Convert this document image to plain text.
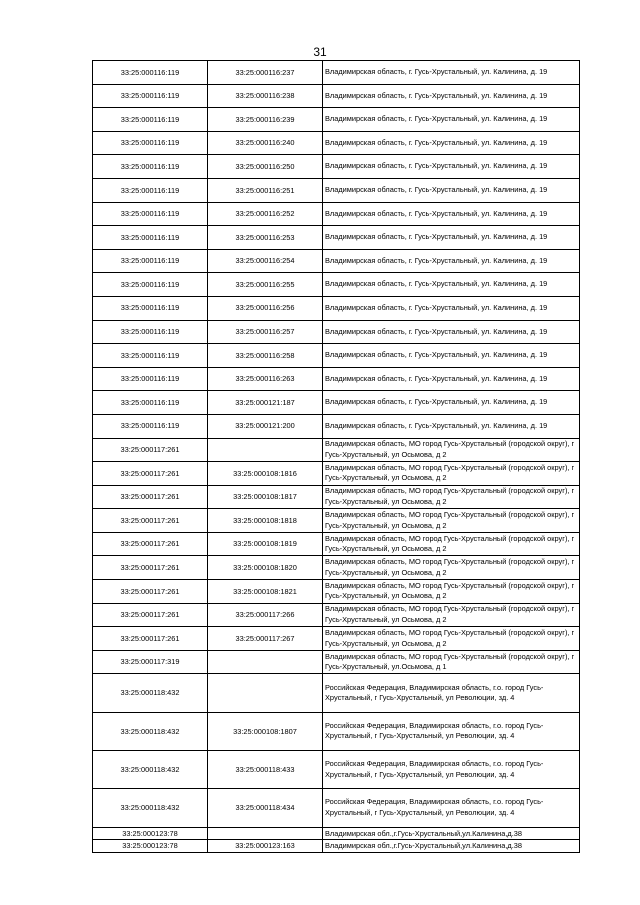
31
33:25:000116:119	33:25:000116:237	Владимирская область, г. Гусь-Хрустальный, ул. Калинина, д. 19
33:25:000116:119	33:25:000116:238	Владимирская область, г. Гусь-Хрустальный, ул. Калинина, д. 19
33:25:000116:119	33:25:000116:239	Владимирская область, г. Гусь-Хрустальный, ул. Калинина, д. 19
33:25:000116:119	33:25:000116:240	Владимирская область, г. Гусь-Хрустальный, ул. Калинина, д. 19
33:25:000116:119	33:25:000116:250	Владимирская область, г. Гусь-Хрустальный, ул. Калинина, д. 19
33:25:000116:119	33:25:000116:251	Владимирская область, г. Гусь-Хрустальный, ул. Калинина, д. 19
33:25:000116:119	33:25:000116:252	Владимирская область, г. Гусь-Хрустальный, ул. Калинина, д. 19
33:25:000116:119	33:25:000116:253	Владимирская область, г. Гусь-Хрустальный, ул. Калинина, д. 19
33:25:000116:119	33:25:000116:254	Владимирская область, г. Гусь-Хрустальный, ул. Калинина, д. 19
33:25:000116:119	33:25:000116:255	Владимирская область, г. Гусь-Хрустальный, ул. Калинина, д. 19
33:25:000116:119	33:25:000116:256	Владимирская область, г. Гусь-Хрустальный, ул. Калинина, д. 19
33:25:000116:119	33:25:000116:257	Владимирская область, г. Гусь-Хрустальный, ул. Калинина, д. 19
33:25:000116:119	33:25:000116:258	Владимирская область, г. Гусь-Хрустальный, ул. Калинина, д. 19
33:25:000116:119	33:25:000116:263	Владимирская область, г. Гусь-Хрустальный, ул. Калинина, д. 19
33:25:000116:119	33:25:000121:187	Владимирская область, г. Гусь-Хрустальный, ул. Калинина, д. 19
33:25:000116:119	33:25:000121:200	Владимирская область, г. Гусь-Хрустальный, ул. Калинина, д. 19
33:25:000117:261		Владимирская область, МО город Гусь-Хрустальный (городской округ), г Гусь-Хрустальный, ул Осьмова, д 2
33:25:000117:261	33:25:000108:1816	Владимирская область, МО город Гусь-Хрустальный (городской округ), г Гусь-Хрустальный, ул Осьмова, д 2
33:25:000117:261	33:25:000108:1817	Владимирская область, МО город Гусь-Хрустальный (городской округ), г Гусь-Хрустальный, ул Осьмова, д 2
33:25:000117:261	33:25:000108:1818	Владимирская область, МО город Гусь-Хрустальный (городской округ), г Гусь-Хрустальный, ул Осьмова, д 2
33:25:000117:261	33:25:000108:1819	Владимирская область, МО город Гусь-Хрустальный (городской округ), г Гусь-Хрустальный, ул Осьмова, д 2
33:25:000117:261	33:25:000108:1820	Владимирская область, МО город Гусь-Хрустальный (городской округ), г Гусь-Хрустальный, ул Осьмова, д 2
33:25:000117:261	33:25:000108:1821	Владимирская область, МО город Гусь-Хрустальный (городской округ), г Гусь-Хрустальный, ул Осьмова, д 2
33:25:000117:261	33:25:000117:266	Владимирская область, МО город Гусь-Хрустальный (городской округ), г Гусь-Хрустальный, ул Осьмова, д 2
33:25:000117:261	33:25:000117:267	Владимирская область, МО город Гусь-Хрустальный (городской округ), г Гусь-Хрустальный, ул Осьмова, д 2
33:25:000117:319		Владимирская область, МО город Гусь-Хрустальный (городской округ), г Гусь-Хрустальный, ул.Осьмова, д 1
33:25:000118:432		Российская Федерация, Владимирская область, г.о. город Гусь-Хрустальный, г Гусь-Хрустальный, ул Революции, зд. 4
33:25:000118:432	33:25:000108:1807	Российская Федерация, Владимирская область, г.о. город Гусь-Хрустальный, г Гусь-Хрустальный, ул Революции, зд. 4
33:25:000118:432	33:25:000118:433	Российская Федерация, Владимирская область, г.о. город Гусь-Хрустальный, г Гусь-Хрустальный, ул Революции, зд. 4
33:25:000118:432	33:25:000118:434	Российская Федерация, Владимирская область, г.о. город Гусь-Хрустальный, г Гусь-Хрустальный, ул Революции, зд. 4
33:25:000123:78		Владимирская обл.,г.Гусь-Хрустальный,ул.Калинина,д.38
33:25:000123:78	33:25:000123:163	Владимирская обл.,г.Гусь-Хрустальный,ул.Калинина,д.38
